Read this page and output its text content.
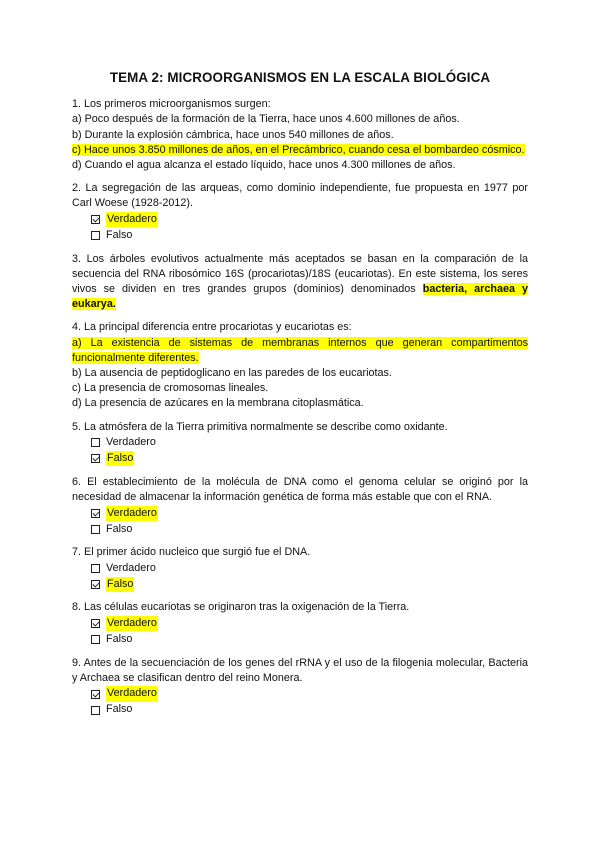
TEMA 2: MICROORGANISMOS EN LA ESCALA BIOLÓGICA

1. Los primeros microorganismos surgen:

a) Poco después de la formación de la Tierra, hace unos 4.600 millones de años.

b) Durante la explosión cámbrica, hace unos 540 millones de años.

c) Hace unos 3.850 millones de años, en el Precámbrico, cuando cesa el bombardeo cósmico.

d) Cuando el agua alcanza el estado líquido, hace unos 4.300 millones de años.

2. La segregación de las arqueas, como dominio independiente, fue propuesta en 1977 por Carl Woese (1928-2012).

Verdadero
Falso

3. Los árboles evolutivos actualmente más aceptados se basan en la comparación de la secuencia del RNA ribosómico 16S (procariotas)/18S (eucariotas). En este sistema, los seres vivos se dividen en tres grandes grupos (dominios) denominados bacteria, archaea y eukarya.

4. La principal diferencia entre procariotas y eucariotas es:

a) La existencia de sistemas de membranas internos que generan compartimentos funcionalmente diferentes.

b) La ausencia de peptidoglicano en las paredes de los eucariotas.

c) La presencia de cromosomas lineales.

d) La presencia de azúcares en la membrana citoplasmática.

5. La atmósfera de la Tierra primitiva normalmente se describe como oxidante.

Verdadero
Falso

6. El establecimiento de la molécula de DNA como el genoma celular se originó por la necesidad de almacenar la información genética de forma más estable que con el RNA.

Verdadero
Falso

7. El primer ácido nucleico que surgió fue el DNA.

Verdadero
Falso

8. Las células eucariotas se originaron tras la oxigenación de la Tierra.

Verdadero
Falso

9. Antes de la secuenciación de los genes del rRNA y el uso de la filogenia molecular, Bacteria y Archaea se clasifican dentro del reino Monera.

Verdadero
Falso
